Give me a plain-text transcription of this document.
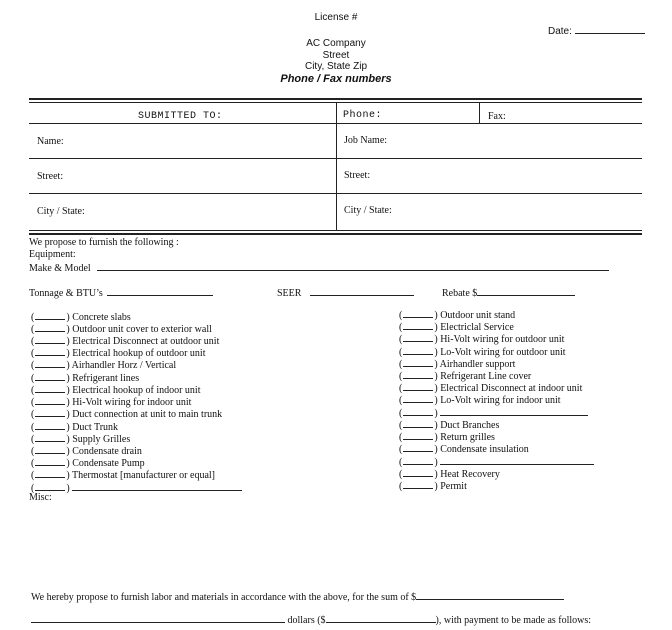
License #
AC Company
Street
City, State Zip
Phone / Fax numbers
Date:
SUBMITTED TO:	Phone:	Fax:
Name:	Job Name:
Street:	Street:
City / State:	City / State:
We propose to furnish the following :
Equipment:
Make & Model
Tonnage & BTU’s	SEER	Rebate $
(	) Concrete slabs
(	) Outdoor unit cover to exterior wall
(	) Electrical Disconnect at outdoor unit
(	) Electrical hookup of outdoor unit
(	) Airhandler Horz / Vertical
(	) Refrigerant lines
(	) Electrical hookup of indoor unit
(	) Hi-Volt wiring for indoor unit
(	) Duct connection at unit to main trunk
(	) Duct Trunk
(	) Supply Grilles
(	) Condensate drain
(	) Condensate Pump
(	) Thermostat [manufacturer or equal]
(	)
Misc:
(	) Outdoor unit stand
(	) Electriclal Service
(	) Hi-Volt wiring for outdoor unit
(	) Lo-Volt wiring for outdoor unit
(	) Airhandler support
(	) Refrigerant Line cover
(	) Electrical Disconnect at indoor unit
(	) Lo-Volt wiring for indoor unit
(	)
(	) Duct Branches
(	) Return grilles
(	) Condensate insulation
(	)
(	) Heat Recovery
(	) Permit
We hereby propose to furnish labor and materials in accordance with the above, for the sum of $
dollars ($	), with payment to be made as follows:
